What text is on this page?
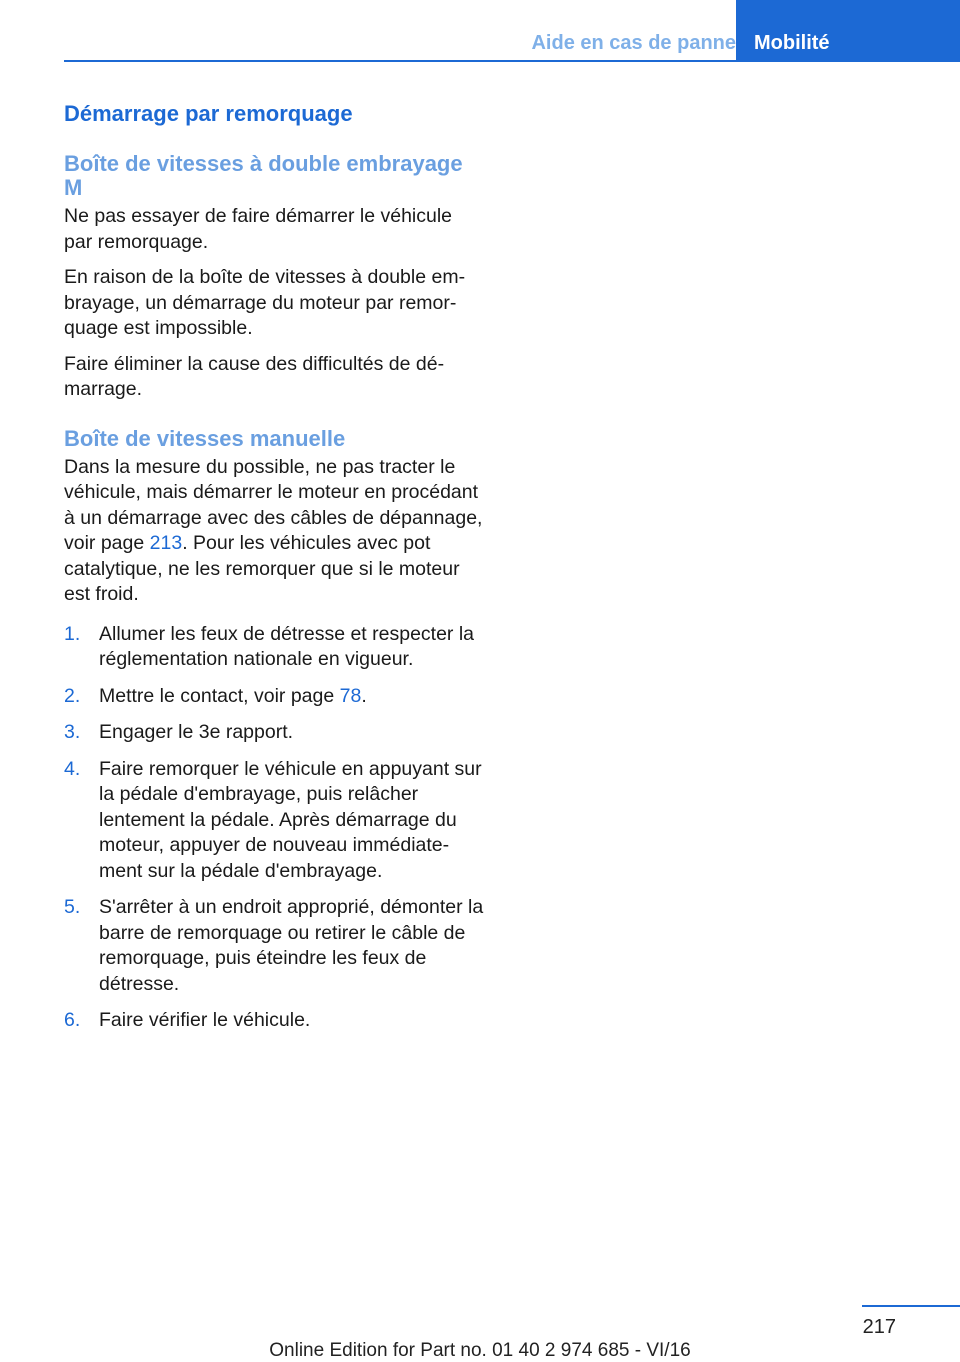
Aide en cas de panne Mobilité
Démarrage par remorquage
Boîte de vitesses à double embrayage M

Ne pas essayer de faire démarrer le véhicule par remorquage.

En raison de la boîte de vitesses à double embrayage, un démarrage du moteur par remorquage est impossible.

Faire éliminer la cause des difficultés de démarrage.

Boîte de vitesses manuelle

Dans la mesure du possible, ne pas tracter le véhicule, mais démarrer le moteur en procédant à un démarrage avec des câbles de dépannage, voir page 213. Pour les véhicules avec pot catalytique, ne les remorquer que si le moteur est froid.

1. Allumer les feux de détresse et respecter la réglementation nationale en vigueur.
2. Mettre le contact, voir page 78.
3. Engager le 3e rapport.
4. Faire remorquer le véhicule en appuyant sur la pédale d'embrayage, puis relâcher lentement la pédale. Après démarrage du moteur, appuyer de nouveau immédiatement sur la pédale d'embrayage.
5. S'arrêter à un endroit approprié, démonter la barre de remorquage ou retirer le câble de remorquage, puis éteindre les feux de détresse.
6. Faire vérifier le véhicule.
217
Online Edition for Part no. 01 40 2 974 685 - VI/16
